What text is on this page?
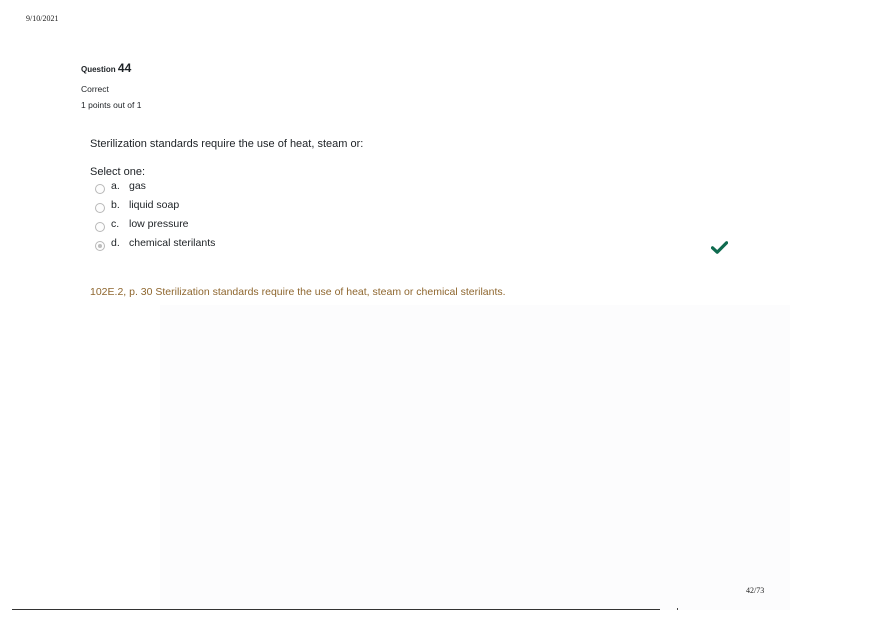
9/10/2021
Question 44
Correct
1 points out of 1
Sterilization standards require the use of heat, steam or:
Select one:
a. gas
b. liquid soap
c. low pressure
d. chemical sterilants
102E.2, p. 30 Sterilization standards require the use of heat, steam or chemical sterilants.
42/73
